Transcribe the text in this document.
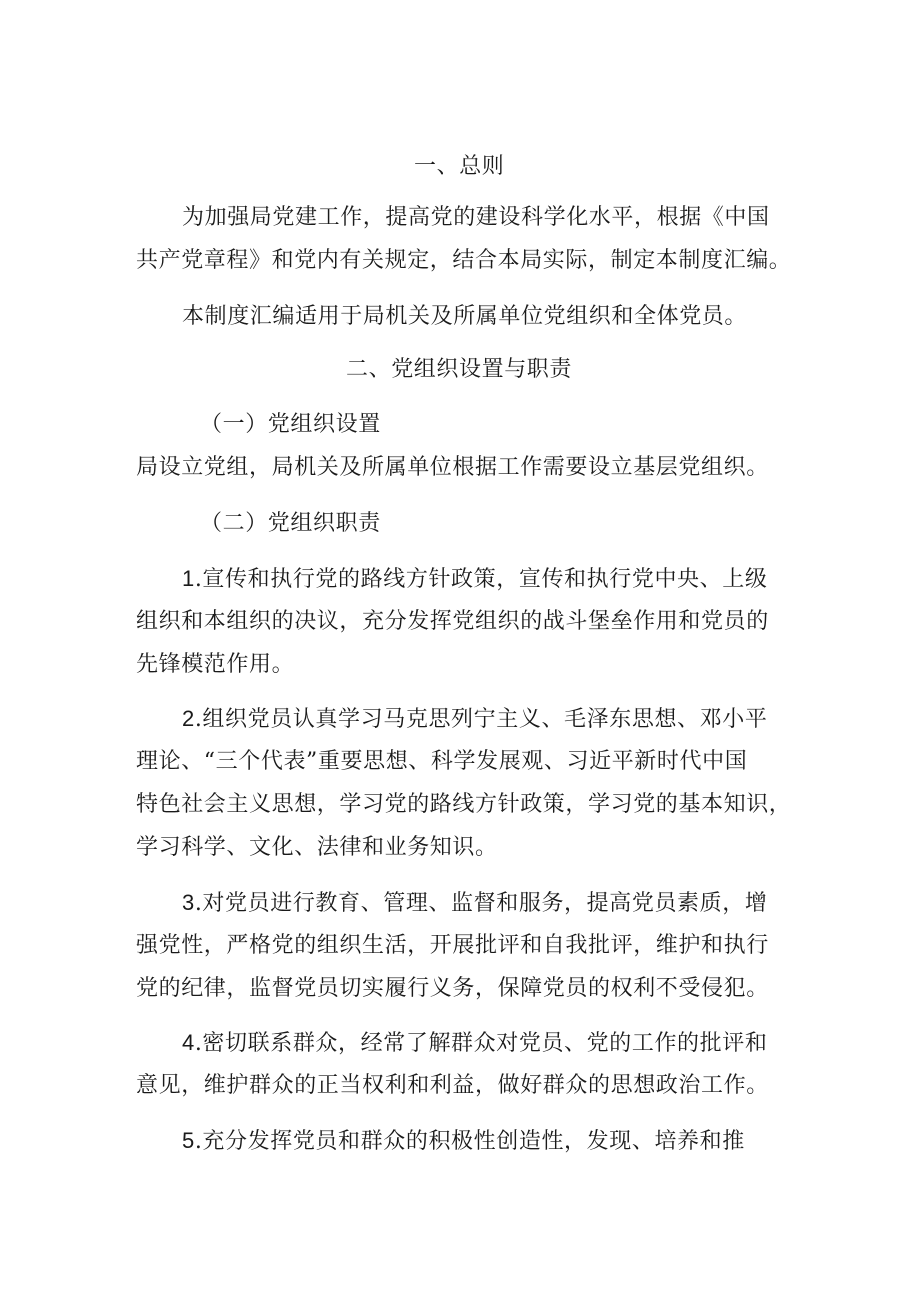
一、总则
为加强局党建工作，提高党的建设科学化水平，根据《中国
共产党章程》和党内有关规定，结合本局实际，制定本制度汇编。
本制度汇编适用于局机关及所属单位党组织和全体党员。
二、党组织设置与职责
（一）党组织设置
局设立党组，局机关及所属单位根据工作需要设立基层党组织。
（二）党组织职责
1.宣传和执行党的路线方针政策，宣传和执行党中央、上级
组织和本组织的决议，充分发挥党组织的战斗堡垒作用和党员的
先锋模范作用。
2.组织党员认真学习马克思列宁主义、毛泽东思想、邓小平
理论、“三个代表”重要思想、科学发展观、习近平新时代中国
特色社会主义思想，学习党的路线方针政策，学习党的基本知识，
学习科学、文化、法律和业务知识。
3.对党员进行教育、管理、监督和服务，提高党员素质，增
强党性，严格党的组织生活，开展批评和自我批评，维护和执行
党的纪律，监督党员切实履行义务，保障党员的权利不受侵犯。
4.密切联系群众，经常了解群众对党员、党的工作的批评和
意见，维护群众的正当权利和利益，做好群众的思想政治工作。
5.充分发挥党员和群众的积极性创造性，发现、培养和推
